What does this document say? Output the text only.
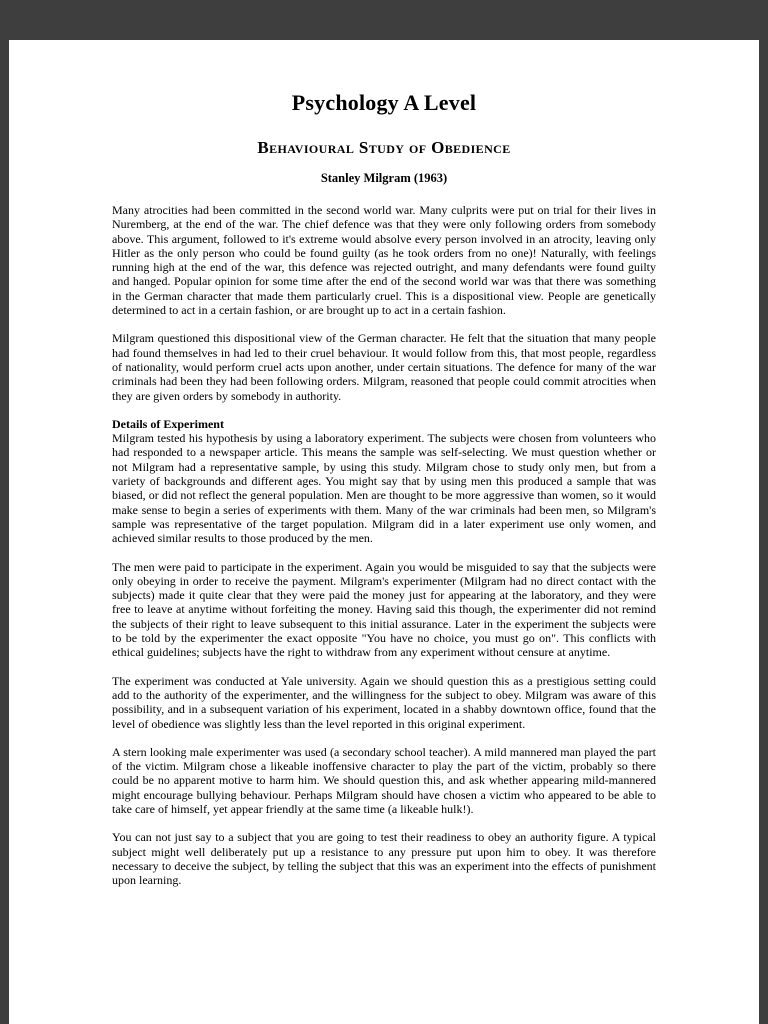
Psychology A Level
Behavioural Study of Obedience
Stanley Milgram (1963)

Many atrocities had been committed in the second world war. Many culprits were put on trial for their lives in Nuremberg, at the end of the war. The chief defence was that they were only following orders from somebody above. This argument, followed to it's extreme would absolve every person involved in an atrocity, leaving only Hitler as the only person who could be found guilty (as he took orders from no one)! Naturally, with feelings running high at the end of the war, this defence was rejected outright, and many defendants were found guilty and hanged. Popular opinion for some time after the end of the second world war was that there was something in the German character that made them particularly cruel. This is a dispositional view. People are genetically determined to act in a certain fashion, or are brought up to act in a certain fashion.

Milgram questioned this dispositional view of the German character. He felt that the situation that many people had found themselves in had led to their cruel behaviour. It would follow from this, that most people, regardless of nationality, would perform cruel acts upon another, under certain situations. The defence for many of the war criminals had been they had been following orders. Milgram, reasoned that people could commit atrocities when they are given orders by somebody in authority.

Details of Experiment

Milgram tested his hypothesis by using a laboratory experiment. The subjects were chosen from volunteers who had responded to a newspaper article. This means the sample was self-selecting. We must question whether or not Milgram had a representative sample, by using this study. Milgram chose to study only men, but from a variety of backgrounds and different ages. You might say that by using men this produced a sample that was biased, or did not reflect the general population. Men are thought to be more aggressive than women, so it would make sense to begin a series of experiments with them. Many of the war criminals had been men, so Milgram's sample was representative of the target population. Milgram did in a later experiment use only women, and achieved similar results to those produced by the men.

The men were paid to participate in the experiment. Again you would be misguided to say that the subjects were only obeying in order to receive the payment. Milgram's experimenter (Milgram had no direct contact with the subjects) made it quite clear that they were paid the money just for appearing at the laboratory, and they were free to leave at anytime without forfeiting the money. Having said this though, the experimenter did not remind the subjects of their right to leave subsequent to this initial assurance. Later in the experiment the subjects were to be told by the experimenter the exact opposite "You have no choice, you must go on". This conflicts with ethical guidelines; subjects have the right to withdraw from any experiment without censure at anytime.

The experiment was conducted at Yale university. Again we should question this as a prestigious setting could add to the authority of the experimenter, and the willingness for the subject to obey. Milgram was aware of this possibility, and in a subsequent variation of his experiment, located in a shabby downtown office, found that the level of obedience was slightly less than the level reported in this original experiment.

A stern looking male experimenter was used (a secondary school teacher). A mild mannered man played the part of the victim. Milgram chose a likeable inoffensive character to play the part of the victim, probably so there could be no apparent motive to harm him. We should question this, and ask whether appearing mild-mannered might encourage bullying behaviour. Perhaps Milgram should have chosen a victim who appeared to be able to take care of himself, yet appear friendly at the same time (a likeable hulk!).

You can not just say to a subject that you are going to test their readiness to obey an authority figure. A typical subject might well deliberately put up a resistance to any pressure put upon him to obey. It was therefore necessary to deceive the subject, by telling the subject that this was an experiment into the effects of punishment upon learning.
